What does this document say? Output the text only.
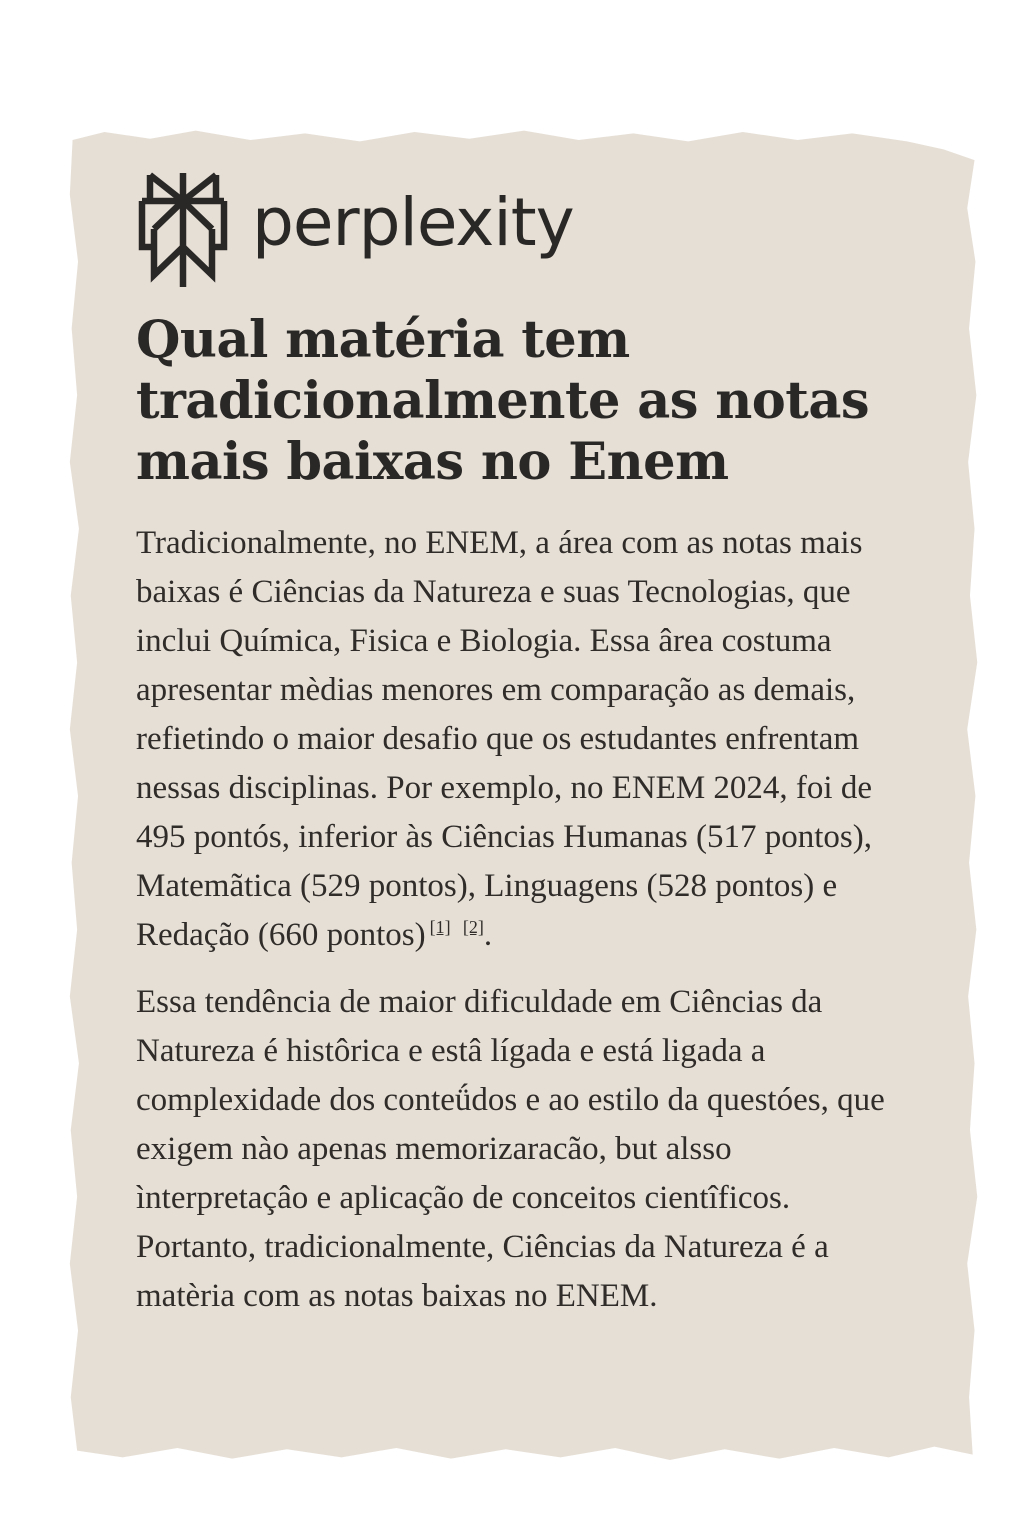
perplexity
Qual matéria tem tradicionalmente as notas mais baixas no Enem

Tradicionalmente, no ENEM, a área com as notas mais baixas é Ciências da Natureza e suas Tecnologias, que inclui Química, Fisica e Biologia. Essa ârea costuma apresentar mèdias menores em comparação as demais, refietindo o maior desafio que os estudantes enfrentam nessas disciplinas. Por exemplo, no ENEM 2024, foi de 495 pontós, inferior às Ciências Humanas (517 pontos), Matemãtica (529 pontos), Linguagens (528 pontos) e Redação (660 pontos) [1] [2].

Essa tendência de maior dificuldade em Ciências da Natureza é histôrica e estâ lígada e está ligada a complexidade dos conteǘdos e ao estilo da questóes, que exigem nào apenas memorizaracão, but alsso ìnterpretaçâo e aplicação de conceitos cientîficos. Portanto, tradicionalmente, Ciências da Natureza é a matèria com as notas baixas no ENEM.
